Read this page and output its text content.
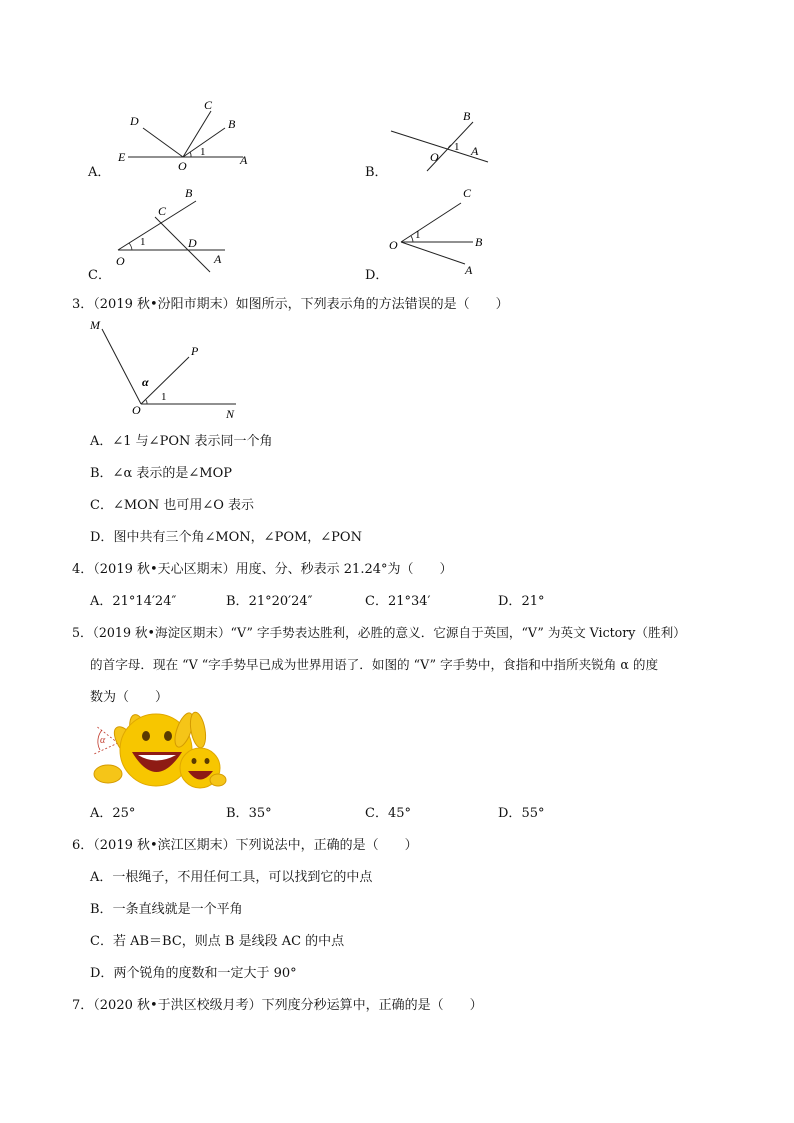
A．
D
C
B
E
O	A
1
B．
B
A
O
1
C．
B
C
D
O	A
1
D．
C
B
O
A
1
3．（2019 秋•汾阳市期末）如图所示，下列表示角的方法错误的是（　　）
M
P
α
O
1
N
A．∠1 与∠PON 表示同一个角
B．∠α 表示的是∠MOP
C．∠MON 也可用∠O 表示
D．图中共有三个角∠MON，∠POM，∠PON
4．（2019 秋•天心区期末）用度、分、秒表示 21.24°为（　　）
A．21°14′24″	B．21°20′24″	C．21°34′	D．21°
5．（2019 秋•海淀区期末）“V” 字手势表达胜利，必胜的意义．它源自于英国，“V” 为英文 Victory（胜利）
的首字母．现在 “V “字手势早已成为世界用语了．如图的 “V” 字手势中，食指和中指所夹锐角 α 的度
数为（　　）
α
A．25°	B．35°	C．45°	D．55°
6．（2019 秋•滨江区期末）下列说法中，正确的是（　　）
A．一根绳子，不用任何工具，可以找到它的中点
B．一条直线就是一个平角
C．若 AB＝BC，则点 B 是线段 AC 的中点
D．两个锐角的度数和一定大于 90°
7．（2020 秋•于洪区校级月考）下列度分秒运算中，正确的是（　　）
